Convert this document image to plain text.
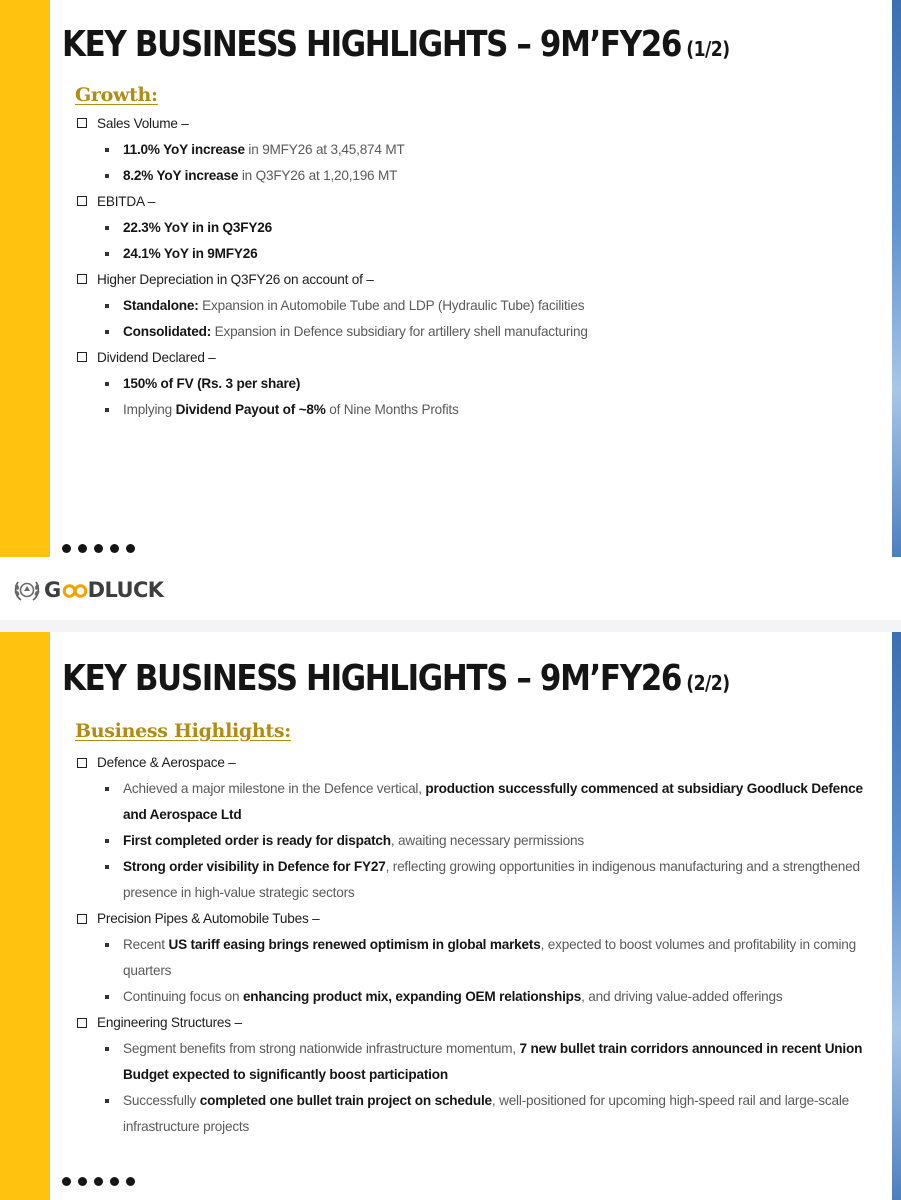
KEY BUSINESS HIGHLIGHTS – 9M’FY26 (1/2)
Growth:
Sales Volume –
11.0% YoY increase in 9MFY26 at 3,45,874 MT
8.2% YoY increase in Q3FY26 at 1,20,196 MT
EBITDA –
22.3% YoY in in Q3FY26
24.1% YoY in 9MFY26
Higher Depreciation in Q3FY26 on account of –
Standalone: Expansion in Automobile Tube and LDP (Hydraulic Tube) facilities
Consolidated: Expansion in Defence subsidiary for artillery shell manufacturing
Dividend Declared –
150% of FV (Rs. 3 per share)
Implying Dividend Payout of ~8% of Nine Months Profits
G DLUCK
KEY BUSINESS HIGHLIGHTS – 9M’FY26 (2/2)
Business Highlights:
Defence & Aerospace –
Achieved a major milestone in the Defence vertical, production successfully commenced at subsidiary Goodluck Defence and Aerospace Ltd
First completed order is ready for dispatch, awaiting necessary permissions
Strong order visibility in Defence for FY27, reflecting growing opportunities in indigenous manufacturing and a strengthened presence in high-value strategic sectors
Precision Pipes & Automobile Tubes –
Recent US tariff easing brings renewed optimism in global markets, expected to boost volumes and profitability in coming quarters
Continuing focus on enhancing product mix, expanding OEM relationships, and driving value-added offerings
Engineering Structures –
Segment benefits from strong nationwide infrastructure momentum, 7 new bullet train corridors announced in recent Union Budget expected to significantly boost participation
Successfully completed one bullet train project on schedule, well-positioned for upcoming high-speed rail and large-scale infrastructure projects
